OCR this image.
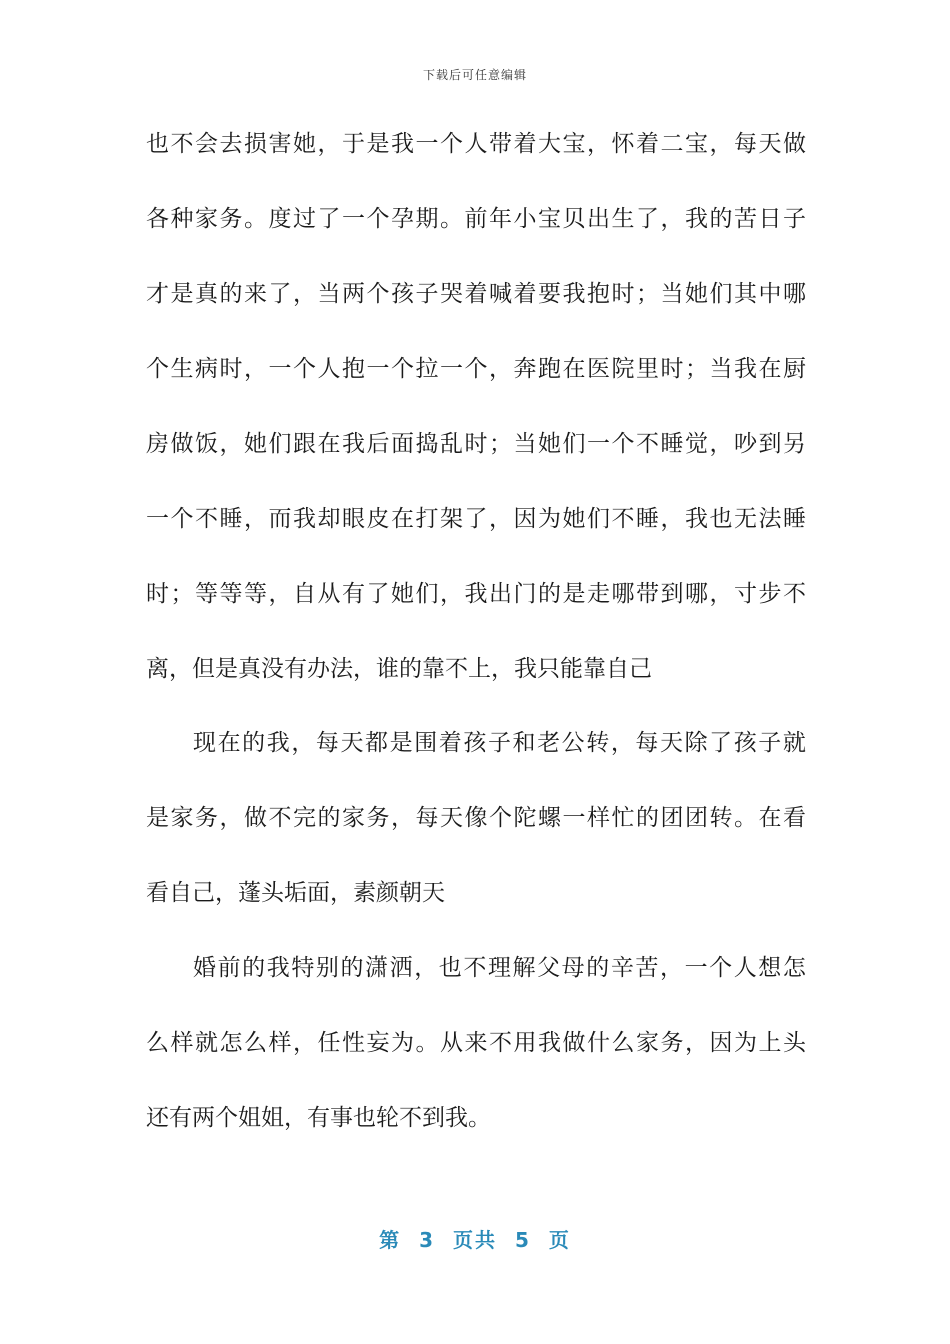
下载后可任意编辑
也 不 会 去 损 害 她 ， 于 是 我 一 个 人 带 着 大 宝 ， 怀 着 二 宝 ， 每 天 做
各 种 家 务 。 度 过 了 一 个 孕 期 。 前 年 小 宝 贝 出 生 了 ， 我 的 苦 日 子
才 是 真 的 来 了 ， 当 两 个 孩 子 哭 着 喊 着 要 我 抱 时 ； 当 她 们 其 中 哪
个 生 病 时 ， 一 个 人 抱 一 个 拉 一 个 ， 奔 跑 在 医 院 里 时 ； 当 我 在 厨
房 做 饭 ， 她 们 跟 在 我 后 面 捣 乱 时 ； 当 她 们 一 个 不 睡 觉 ， 吵 到 另
一 个 不 睡 ， 而 我 却 眼 皮 在 打 架 了 ， 因 为 她 们 不 睡 ， 我 也 无 法 睡
时 ； 等 等 等 ， 自 从 有 了 她 们 ， 我 出 门 的 是 走 哪 带 到 哪 ， 寸 步 不
离，但是真没有办法，谁的靠不上，我只能靠自己
现 在 的 我 ， 每 天 都 是 围 着 孩 子 和 老 公 转 ， 每 天 除 了 孩 子 就
是 家 务 ， 做 不 完 的 家 务 ， 每 天 像 个 陀 螺 一 样 忙 的 团 团 转 。 在 看
看自己，蓬头垢面，素颜朝天
婚 前 的 我 特 别 的 潇 洒 ， 也 不 理 解 父 母 的 辛 苦 ， 一 个 人 想 怎
么 样 就 怎 么 样 ， 任 性 妄 为 。 从 来 不 用 我 做 什 么 家 务 ， 因 为 上 头
还有两个姐姐，有事也轮不到我。
第 3 页共 5 页
